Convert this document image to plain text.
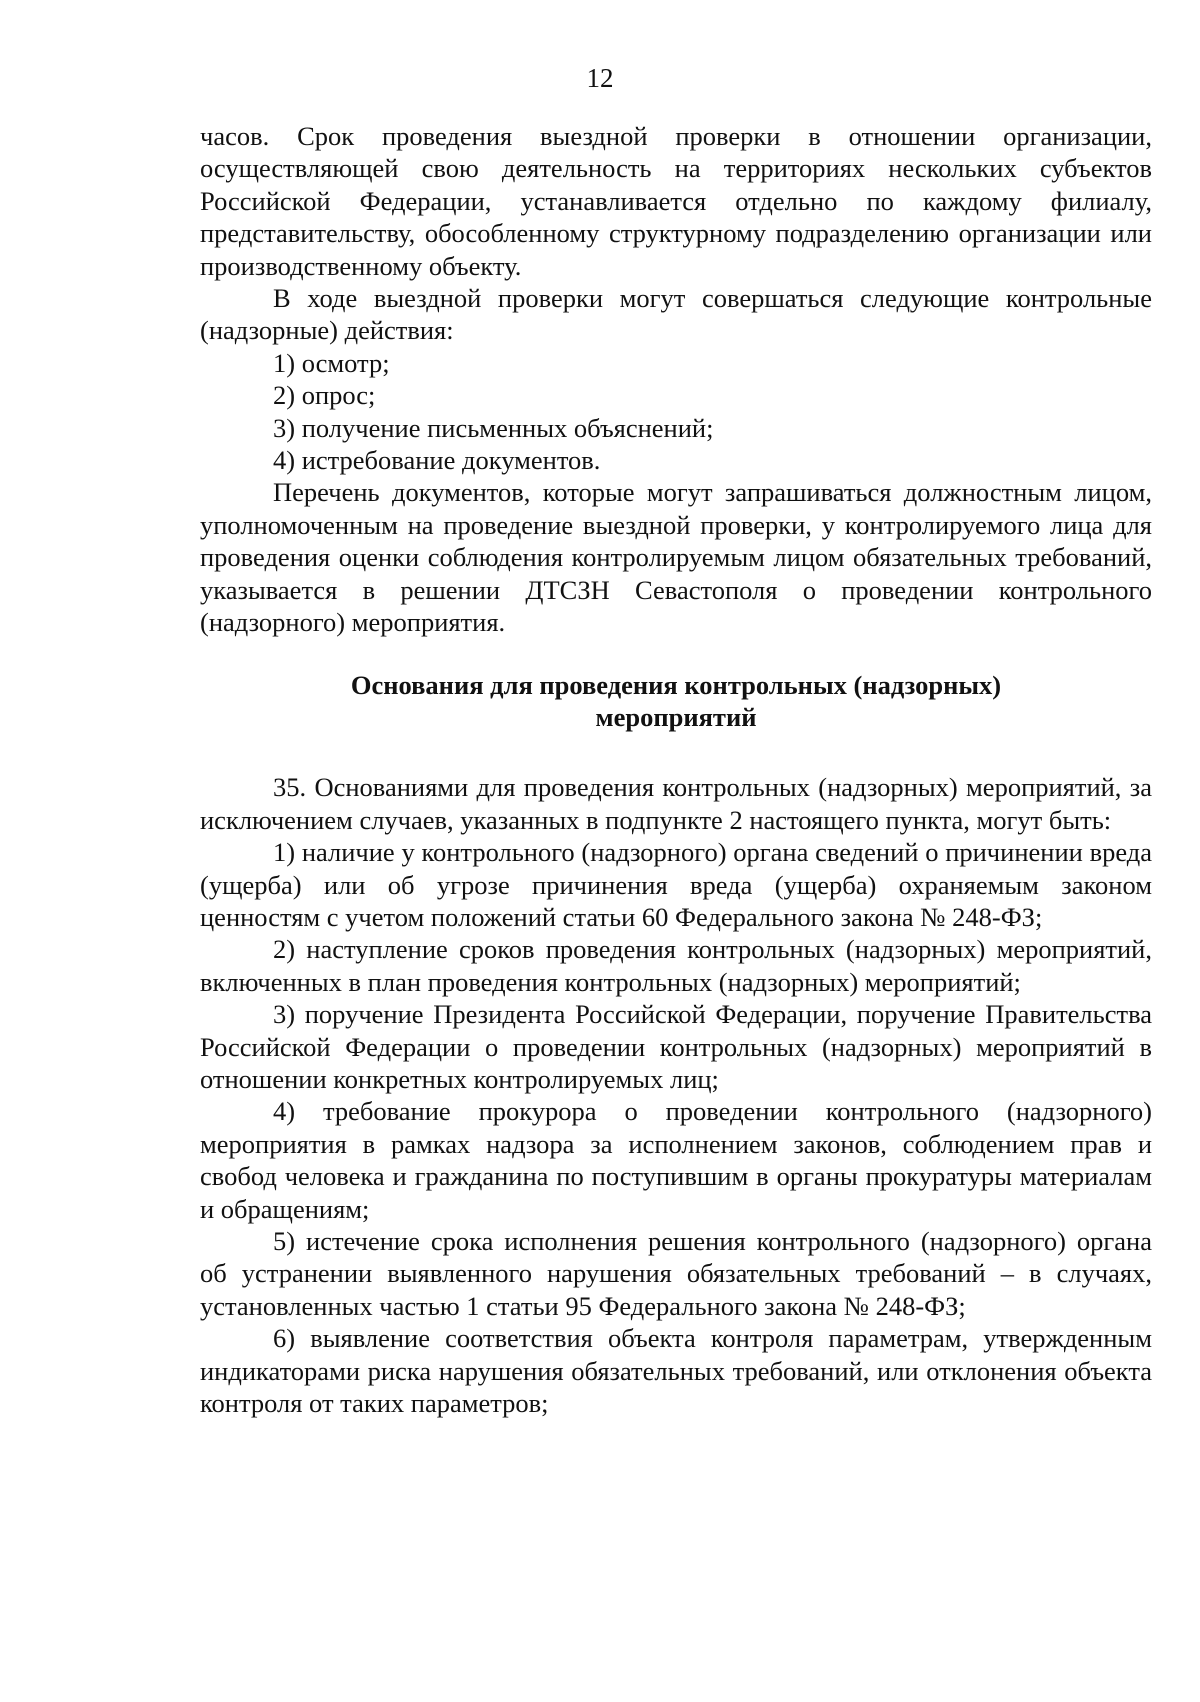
12

часов. Срок проведения выездной проверки в отношении организации, осуществляющей свою деятельность на территориях нескольких субъектов Российской Федерации, устанавливается отдельно по каждому филиалу, представительству, обособленному структурному подразделению организации или производственному объекту.

В ходе выездной проверки могут совершаться следующие контрольные (надзорные) действия:

1) осмотр;

2) опрос;

3) получение письменных объяснений;

4) истребование документов.

Перечень документов, которые могут запрашиваться должностным лицом, уполномоченным на проведение выездной проверки, у контролируемого лица для проведения оценки соблюдения контролируемым лицом обязательных требований, указывается в решении ДТСЗН Севастополя о проведении контрольного (надзорного) мероприятия.

Основания для проведения контрольных (надзорных)
мероприятий

35. Основаниями для проведения контрольных (надзорных) мероприятий, за исключением случаев, указанных в подпункте 2 настоящего пункта, могут быть:

1) наличие у контрольного (надзорного) органа сведений о причинении вреда (ущерба) или об угрозе причинения вреда (ущерба) охраняемым законом ценностям с учетом положений статьи 60 Федерального закона № 248-ФЗ;

2) наступление сроков проведения контрольных (надзорных) мероприятий, включенных в план проведения контрольных (надзорных) мероприятий;

3) поручение Президента Российской Федерации, поручение Правительства Российской Федерации о проведении контрольных (надзорных) мероприятий в отношении конкретных контролируемых лиц;

4) требование прокурора о проведении контрольного (надзорного) мероприятия в рамках надзора за исполнением законов, соблюдением прав и свобод человека и гражданина по поступившим в органы прокуратуры материалам и обращениям;

5) истечение срока исполнения решения контрольного (надзорного) органа об устранении выявленного нарушения обязательных требований – в случаях, установленных частью 1 статьи 95 Федерального закона № 248-ФЗ;

6) выявление соответствия объекта контроля параметрам, утвержденным индикаторами риска нарушения обязательных требований, или отклонения объекта контроля от таких параметров;
